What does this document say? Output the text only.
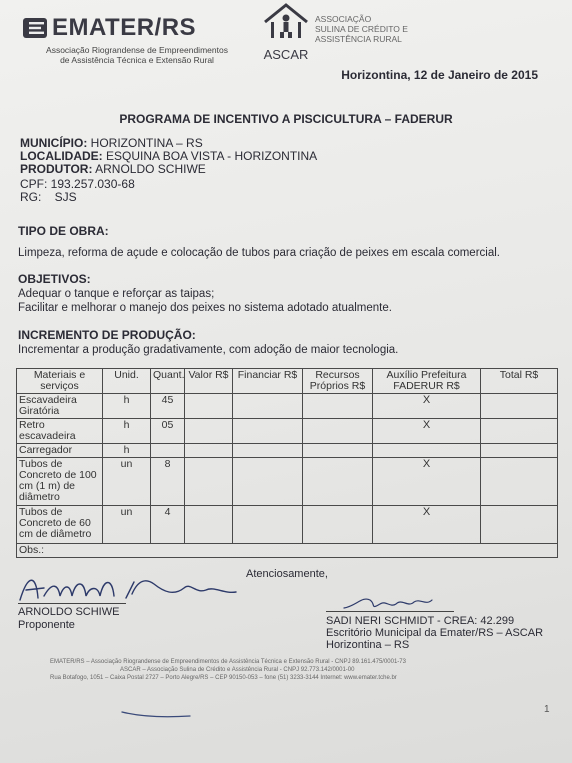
EMATER/RS
Associação Riograndense de Empreendimentos
de Assistência Técnica e Extensão Rural	ASCAR
ASSOCIAÇÃO
SULINA DE CRÉDITO E
ASSISTÊNCIA RURAL
Horizontina, 12 de Janeiro de 2015
PROGRAMA DE INCENTIVO A PISCICULTURA – FADERUR
MUNICÍPIO: HORIZONTINA – RS
LOCALIDADE: ESQUINA BOA VISTA - HORIZONTINA
PRODUTOR: ARNOLDO SCHIWE
CPF: 193.257.030-68
RG:    SJS
TIPO DE OBRA:
Limpeza, reforma de açude e colocação de tubos para criação de peixes em escala comercial.
OBJETIVOS:
Adequar o tanque e reforçar as taipas;
Facilitar e melhorar o manejo dos peixes no sistema adotado atualmente.
INCREMENTO DE PRODUÇÃO:
Incrementar a produção gradativamente, com adoção de maior tecnologia.
Materiais e serviços	Unid.	Quant.	Valor R$	Financiar R$	Recursos Próprios R$	Auxílio Prefeitura FADERUR R$	Total R$
Escavadeira Giratória	h	45				X	
Retro escavadeira	h	05				X	
Carregador	h						
Tubos de Concreto de 100 cm (1 m) de diâmetro	un	8				X	
Tubos de Concreto de 60 cm de diâmetro	un	4				X	
Obs.:							
Atenciosamente,
ARNOLDO SCHIWE
Proponente	SADI NERI SCHMIDT - CREA: 42.299
Escritório Municipal da Emater/RS – ASCAR
Horizontina – RS
EMATER/RS – Associação Riograndense de Empreendimentos de Assistência Técnica e Extensão Rural - CNPJ 89.161.475/0001-73
ASCAR – Associação Sulina de Crédito e Assistência Rural - CNPJ 92.773.142/0001-00
Rua Botafogo, 1051 – Caixa Postal 2727 – Porto Alegre/RS – CEP 90150-053 – fone (51) 3233-3144 Internet: www.emater.tche.br
1
